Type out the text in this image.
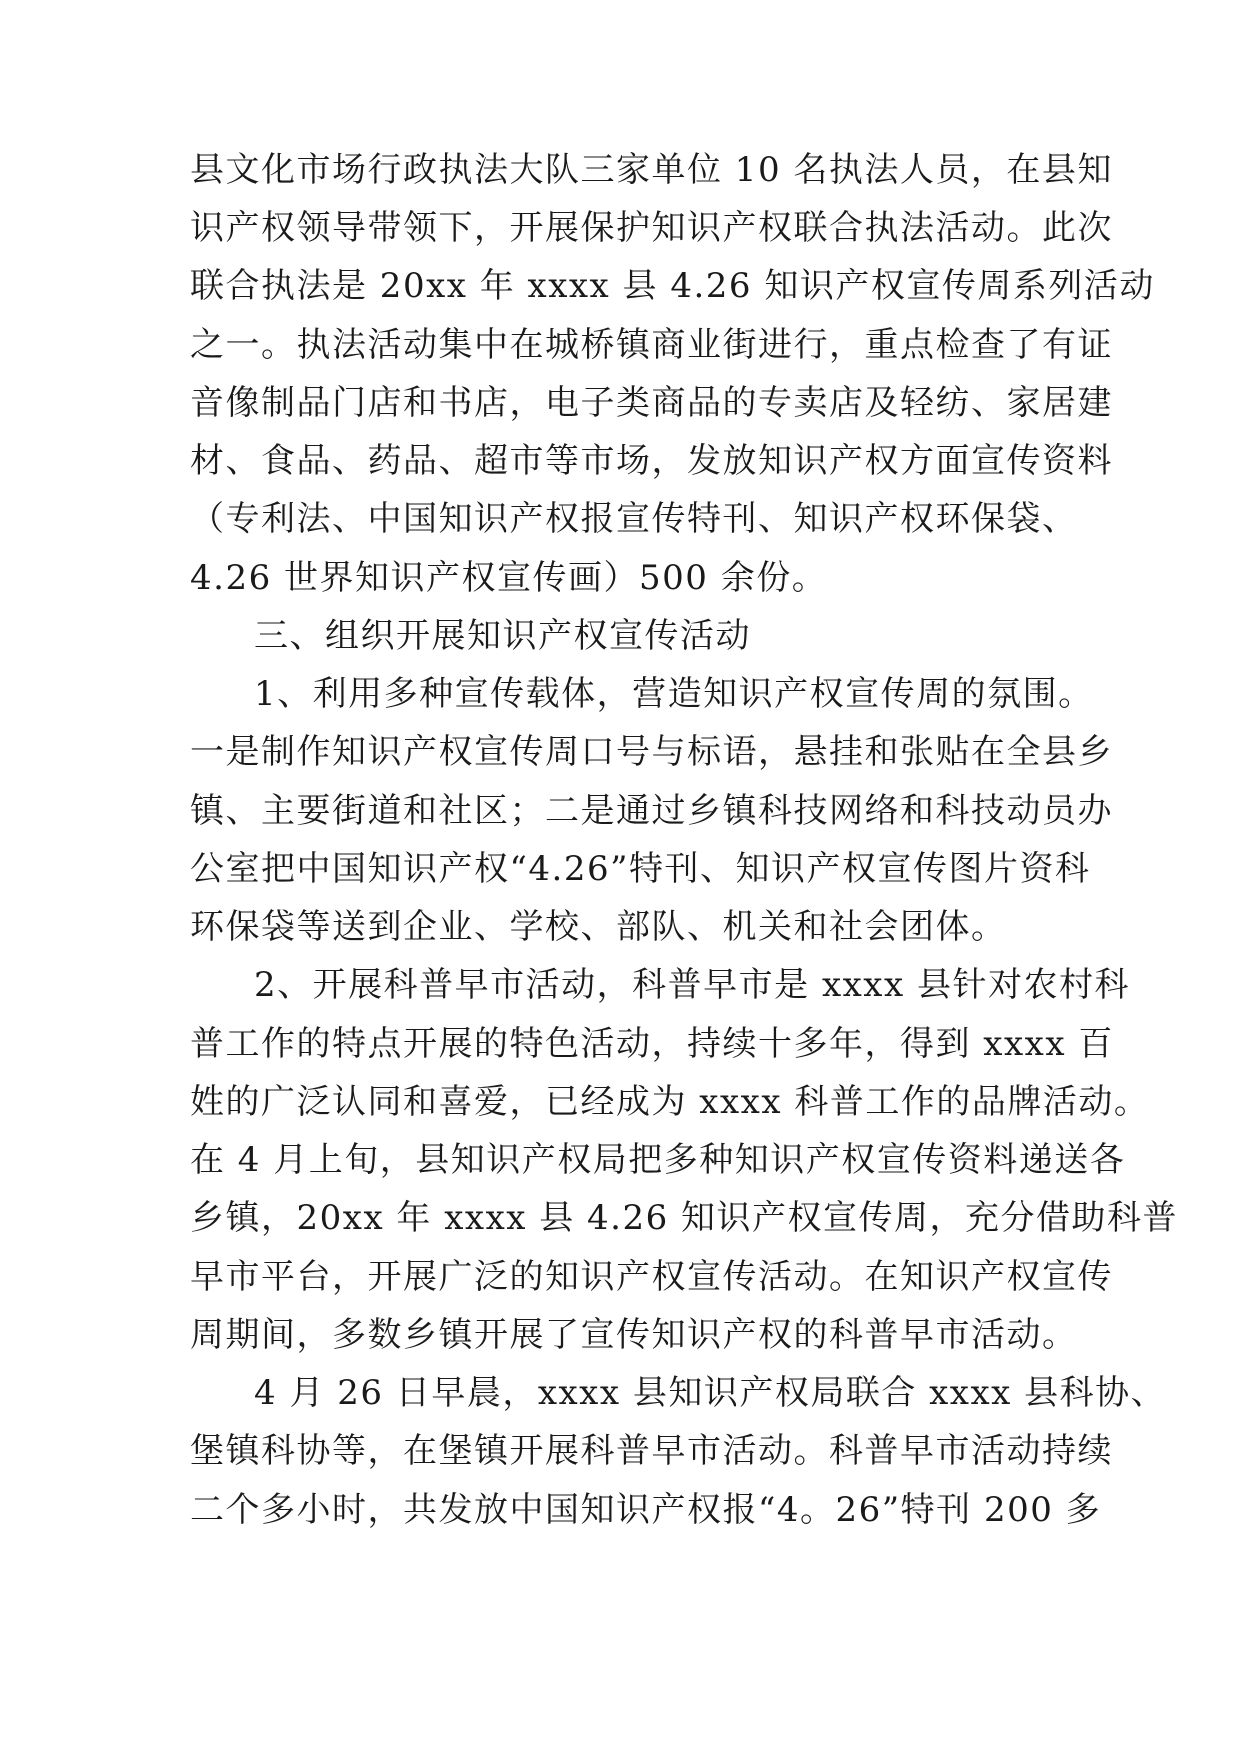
县文化市场行政执法大队三家单位 10 名执法人员，在县知
识产权领导带领下，开展保护知识产权联合执法活动。此次
联合执法是 20xx 年 xxxx 县 4.26 知识产权宣传周系列活动
之一。执法活动集中在城桥镇商业街进行，重点检查了有证
音像制品门店和书店，电子类商品的专卖店及轻纺、家居建
材、食品、药品、超市等市场，发放知识产权方面宣传资料
（专利法、中国知识产权报宣传特刊、知识产权环保袋、
4.26 世界知识产权宣传画）500 余份。
三、组织开展知识产权宣传活动
1、利用多种宣传载体，营造知识产权宣传周的氛围。
一是制作知识产权宣传周口号与标语，悬挂和张贴在全县乡
镇、主要街道和社区；二是通过乡镇科技网络和科技动员办
公室把中国知识产权“4.26”特刊、知识产权宣传图片资科
环保袋等送到企业、学校、部队、机关和社会团体。
2、开展科普早市活动，科普早市是 xxxx 县针对农村科
普工作的特点开展的特色活动，持续十多年，得到 xxxx 百
姓的广泛认同和喜爱，已经成为 xxxx 科普工作的品牌活动。
在 4 月上旬，县知识产权局把多种知识产权宣传资料递送各
乡镇，20xx 年 xxxx 县 4.26 知识产权宣传周，充分借助科普
早市平台，开展广泛的知识产权宣传活动。在知识产权宣传
周期间，多数乡镇开展了宣传知识产权的科普早市活动。
4 月 26 日早晨，xxxx 县知识产权局联合 xxxx 县科协、
堡镇科协等，在堡镇开展科普早市活动。科普早市活动持续
二个多小时，共发放中国知识产权报“4。26”特刊 200 多
